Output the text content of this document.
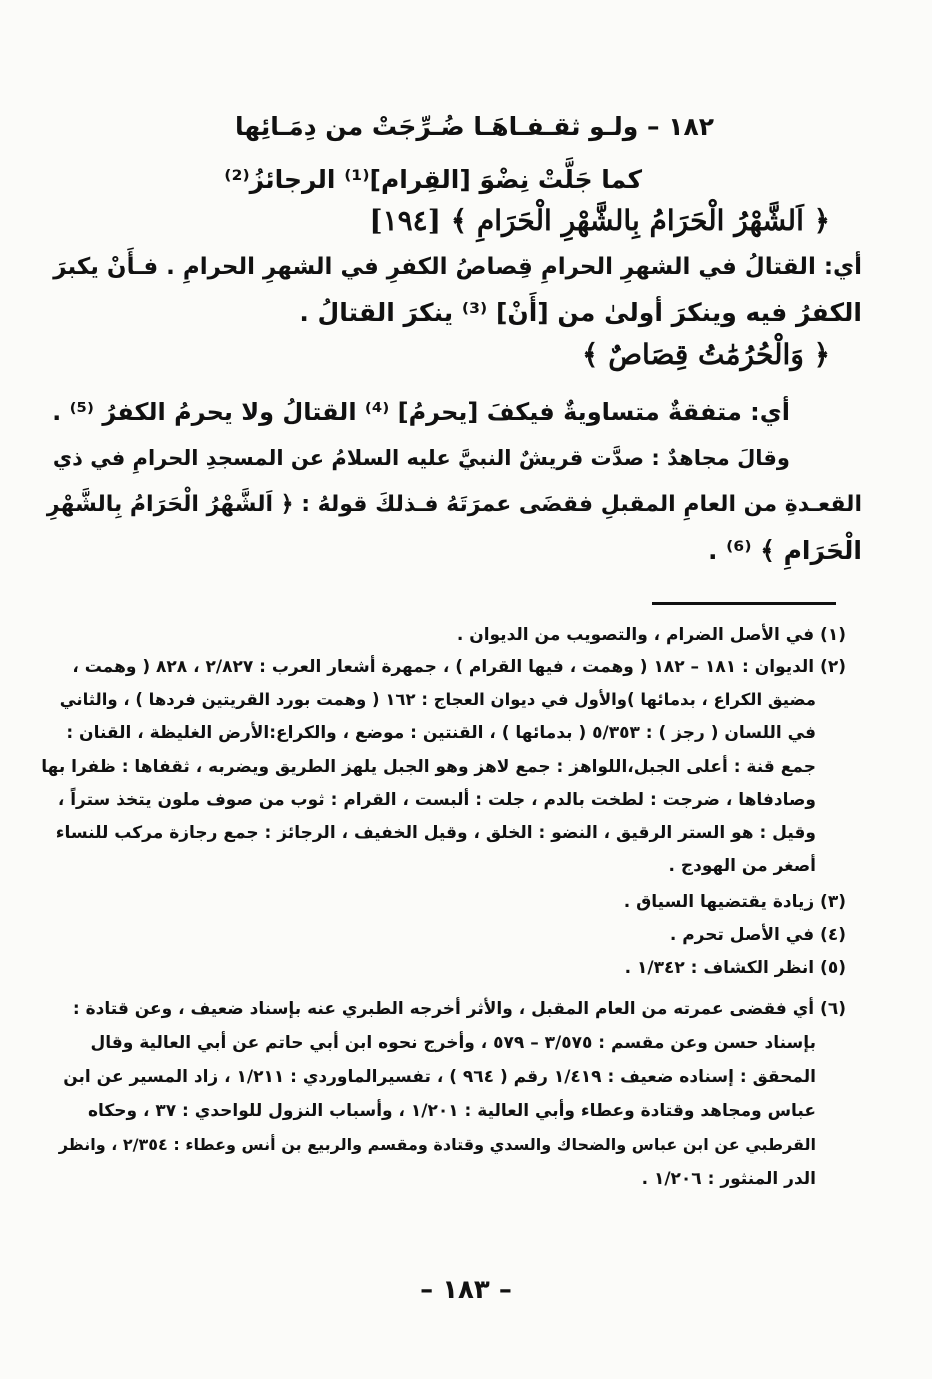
١٨٢ – ولـو ثقـفـاهَـا ضُـرِّجَتْ من دِمَـائِها
كما جَلَّتْ نِضْوَ [القِرام]⁽¹⁾ الرجائزُ⁽²⁾
﴿ اَلشَّهْرُ الْحَرَامُ بِالشَّهْرِ الْحَرَامِ ﴾ [١٩٤]
أي: القتالُ في الشهرِ الحرامِ قِصاصُ الكفرِ في الشهرِ الحرامِ . فـأَنْ يكبرَ
الكفرُ فيه وينكرَ أولىٰ من [أَنْ] ⁽³⁾ ينكرَ القتالُ .
﴿ وَالْحُرُمَٰتُ قِصَاصٌ ﴾
أي: متفقةٌ متساويةٌ فيكفَ [يحرمُ] ⁽⁴⁾ القتالُ ولا يحرمُ الكفرُ ⁽⁵⁾ .
وقالَ مجاهدٌ : صدَّت قريشٌ النبيَّ عليه السلامُ عن المسجدِ الحرامِ في ذي
القعـدةِ من العامِ المقبلِ فقضَى عمرَتَهُ فـذلكَ قولهُ : ﴿ اَلشَّهْرُ الْحَرَامُ بِالشَّهْرِ
الْحَرَامِ ﴾ ⁽⁶⁾ .
(١) في الأصل الضرام ، والتصويب من الديوان .
(٢) الديوان : ١٨١ – ١٨٢ ( وهمت ، فيها القرام ) ، جمهرة أشعار العرب : ٢/٨٢٧ ، ٨٢٨ ( وهمت ،
مضيق الكراع ، بدمائها )والأول في ديوان العجاج : ١٦٢ ( وهمت بورد القريتين فردها ) ، والثاني
في اللسان ( رجز ) : ٥/٣٥٣ ( بدمائها ) ، القنتين : موضع ، والكراع:الأرض الغليظة ، القنان :
جمع قنة : أعلى الجبل،اللواهز : جمع لاهز وهو الجبل يلهز الطريق ويضربه ، ثقفاها : ظفرا بها
وصادفاها ، ضرجت : لطخت بالدم ، جلت : ألبست ، القرام : ثوب من صوف ملون يتخذ ستراً ،
وقيل : هو الستر الرقيق ، النضو : الخلق ، وقيل الخفيف ، الرجائز : جمع رجازة مركب للنساء
أصغر من الهودج .
(٣) زيادة يقتضيها السياق .
(٤) في الأصل تحرم .
(٥) انظر الكشاف : ١/٣٤٢ .
(٦) أي فقضى عمرته من العام المقبل ، والأثر أخرجه الطبري عنه بإسناد ضعيف ، وعن قتادة :
بإسناد حسن وعن مقسم : ٣/٥٧٥ – ٥٧٩ ، وأخرج نحوه ابن أبي حاتم عن أبي العالية وقال
المحقق : إسناده ضعيف : ١/٤١٩ رقم ( ٩٦٤ ) ، تفسيرالماوردي : ١/٢١١ ، زاد المسير عن ابن
عباس ومجاهد وقتادة وعطاء وأبي العالية : ١/٢٠١ ، وأسباب النزول للواحدي : ٣٧ ، وحكاه
القرطبي عن ابن عباس والضحاك والسدي وقتادة ومقسم والربيع بن أنس وعطاء : ٢/٣٥٤ ، وانظر
الدر المنثور : ١/٢٠٦ .
– ١٨٣ –
